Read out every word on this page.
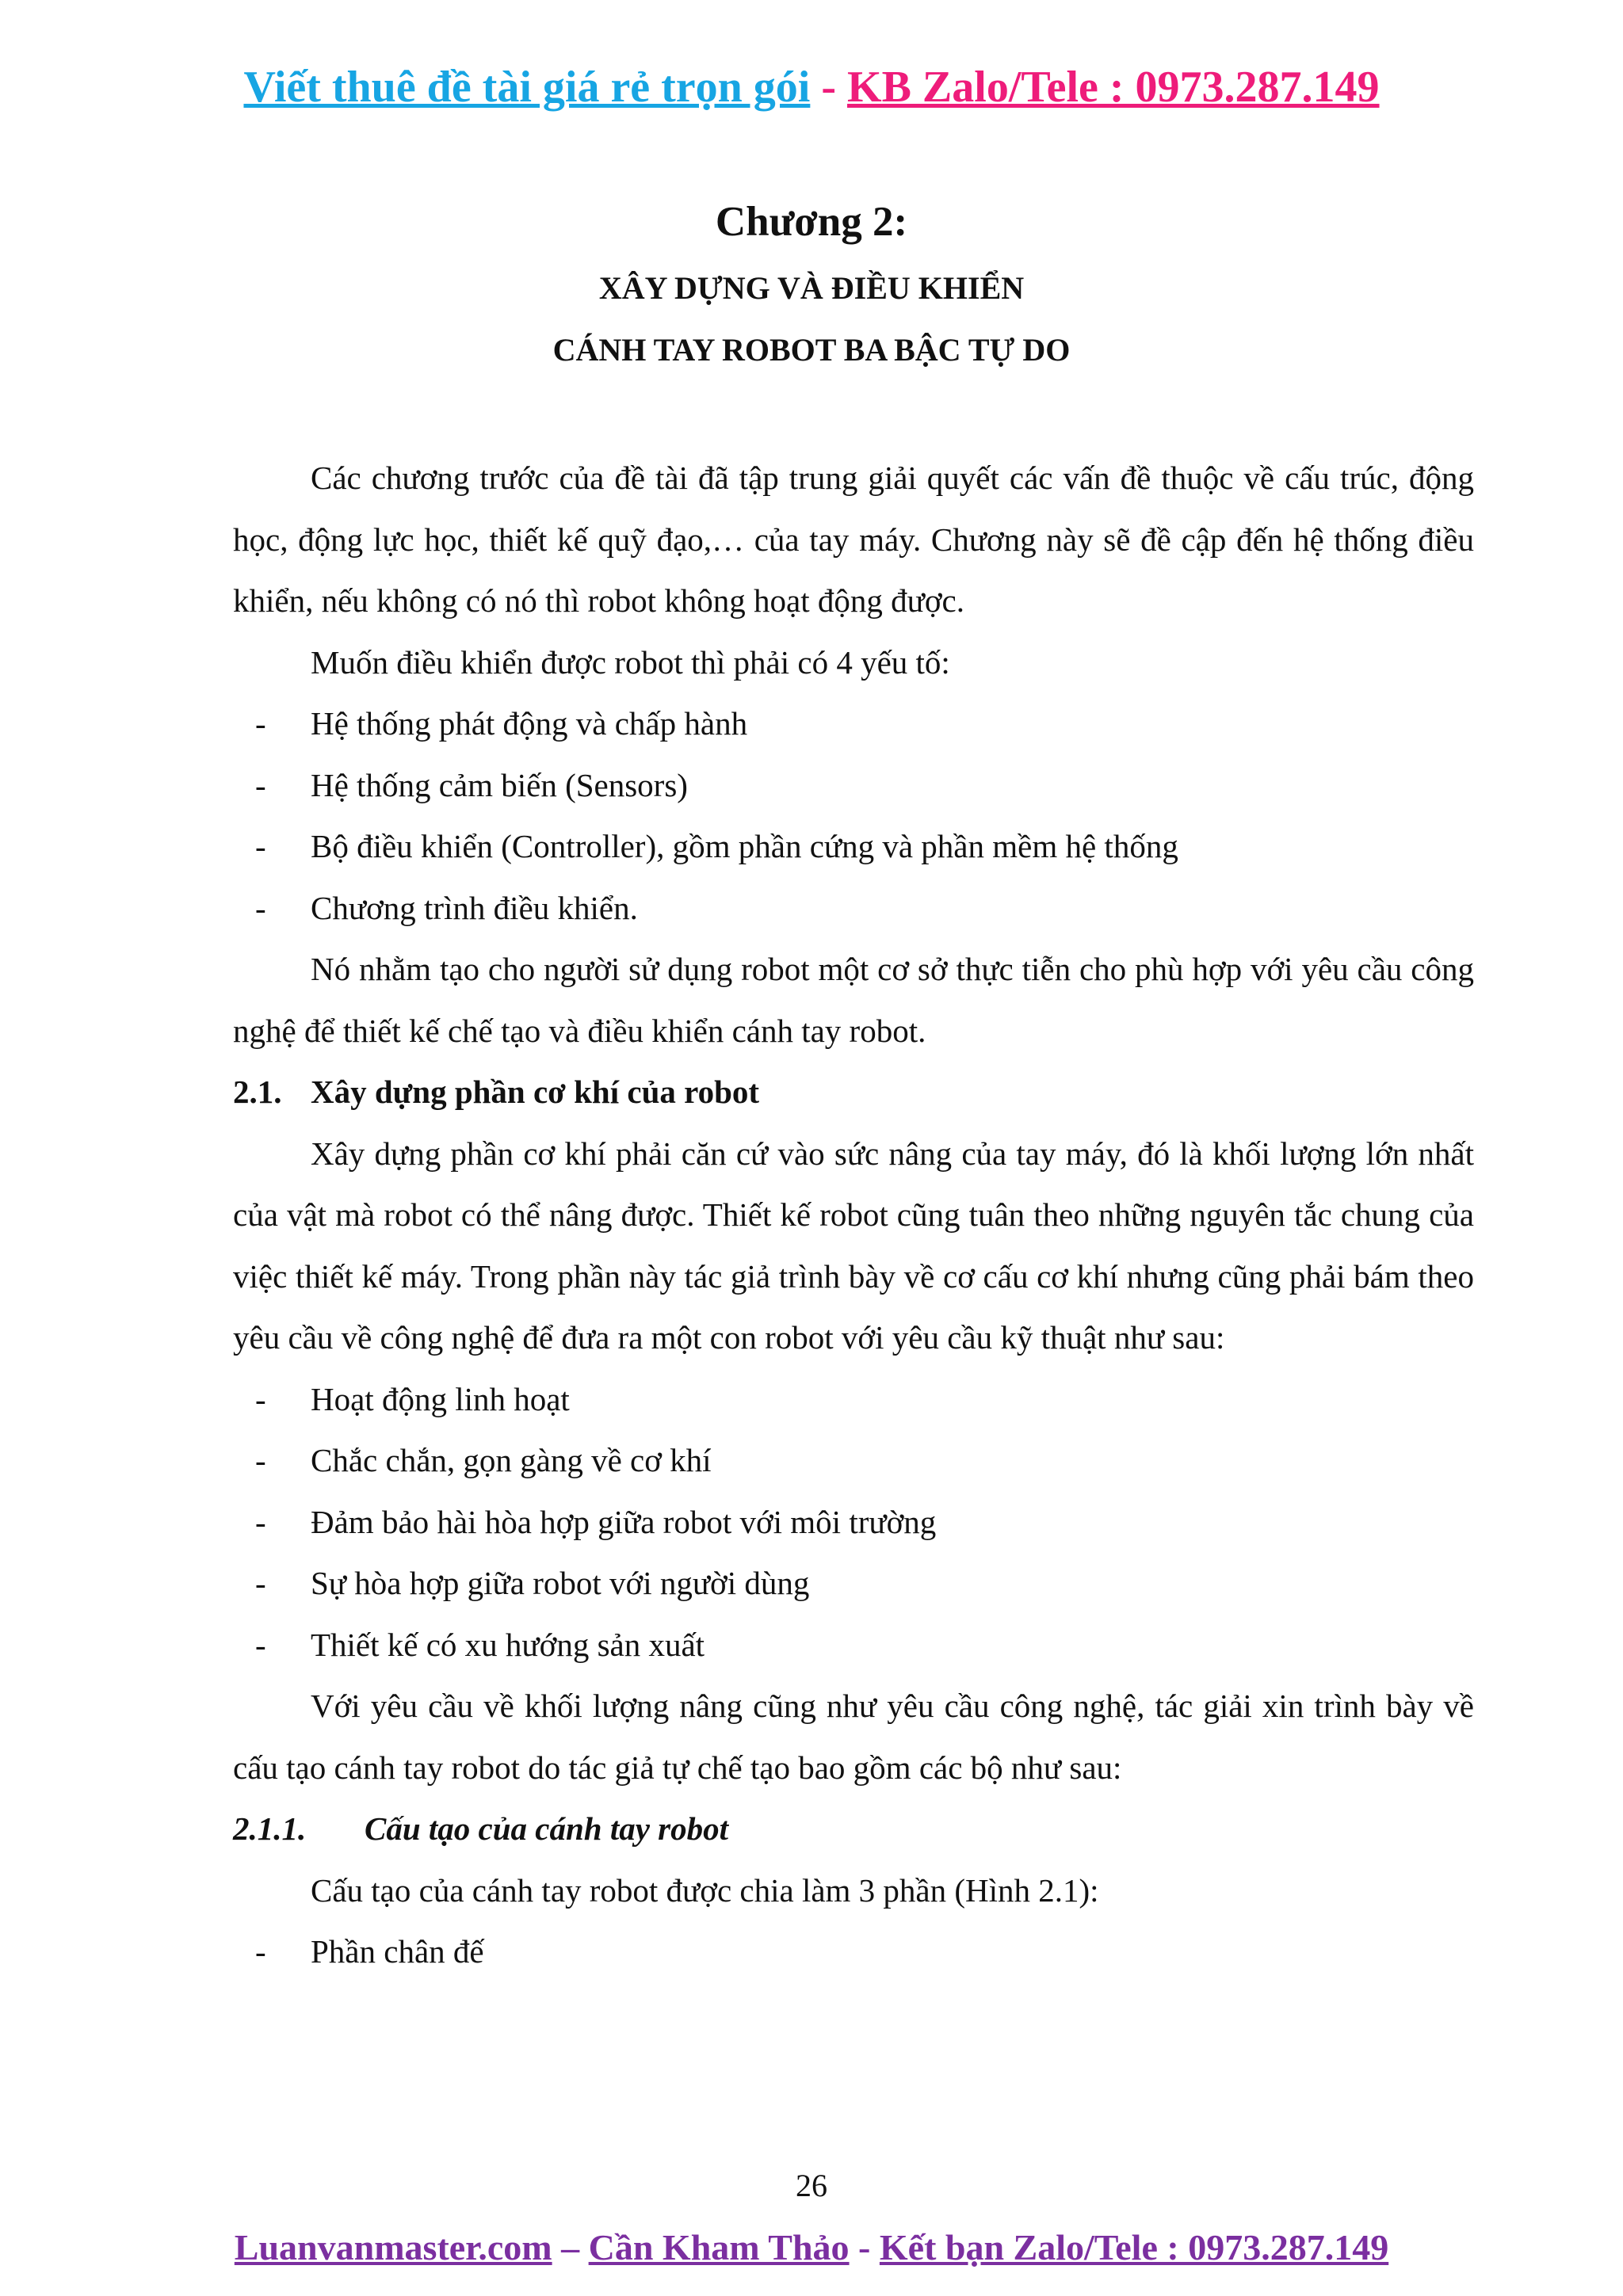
Viết thuê đề tài giá rẻ trọn gói - KB Zalo/Tele : 0973.287.149
Chương 2:
XÂY DỰNG VÀ ĐIỀU KHIỂN
CÁNH TAY ROBOT BA BẬC TỰ DO

Các chương trước của đề tài đã tập trung giải quyết các vấn đề thuộc về cấu trúc, động học, động lực học, thiết kế quỹ đạo,… của tay máy. Chương này sẽ đề cập đến hệ thống điều khiển, nếu không có nó thì robot không hoạt động được.

Muốn điều khiển được robot thì phải có 4 yếu tố:

- Hệ thống phát động và chấp hành

- Hệ thống cảm biến (Sensors)

- Bộ điều khiển (Controller), gồm phần cứng và phần mềm hệ thống

- Chương trình điều khiển.

Nó nhằm tạo cho người sử dụng robot một cơ sở thực tiễn cho phù hợp với yêu cầu công nghệ để thiết kế chế tạo và điều khiển cánh tay robot.

2.1. Xây dựng phần cơ khí của robot

Xây dựng phần cơ khí phải căn cứ vào sức nâng của tay máy, đó là khối lượng lớn nhất của vật mà robot có thể nâng được. Thiết kế robot cũng tuân theo những nguyên tắc chung của việc thiết kế máy. Trong phần này tác giả trình bày về cơ cấu cơ khí nhưng cũng phải bám theo yêu cầu về công nghệ để đưa ra một con robot với yêu cầu kỹ thuật như sau:

- Hoạt động linh hoạt

- Chắc chắn, gọn gàng về cơ khí

- Đảm bảo hài hòa hợp giữa robot với môi trường

- Sự hòa hợp giữa robot với người dùng

- Thiết kế có xu hướng sản xuất

Với yêu cầu về khối lượng nâng cũng như yêu cầu công nghệ, tác giải xin trình bày về cấu tạo cánh tay robot do tác giả tự chế tạo bao gồm các bộ như sau:

2.1.1. Cấu tạo của cánh tay robot

Cấu tạo của cánh tay robot được chia làm 3 phần (Hình 2.1):

- Phần chân đế

26
Luanvanmaster.com – Cần Kham Thảo - Kết bạn Zalo/Tele : 0973.287.149
